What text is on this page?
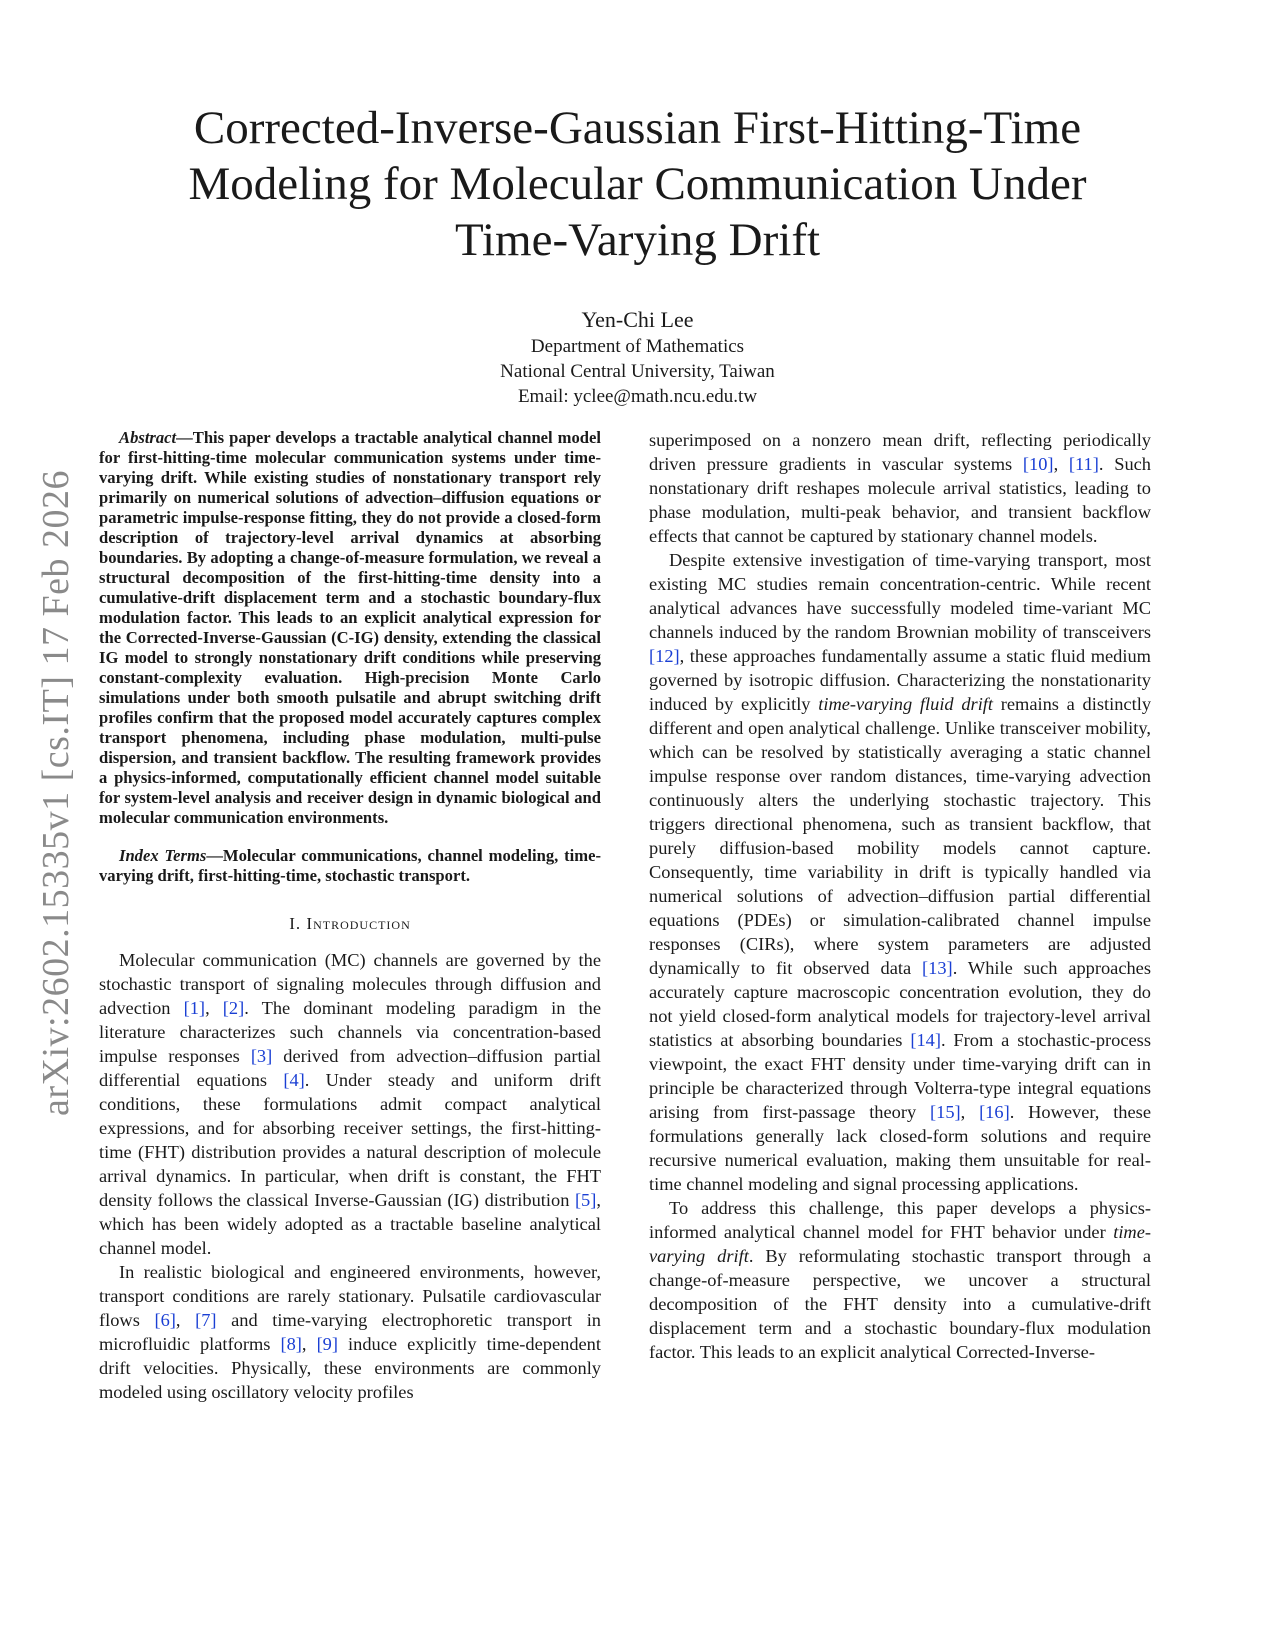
arXiv:2602.15335v1 [cs.IT] 17 Feb 2026
Corrected-Inverse-Gaussian First-Hitting-Time
Modeling for Molecular Communication Under
Time-Varying Drift
Yen-Chi Lee
Department of Mathematics
National Central University, Taiwan
Email: yclee@math.ncu.edu.tw

Abstract—This paper develops a tractable analytical channel model for first-hitting-time molecular communication systems under time-varying drift. While existing studies of nonstationary transport rely primarily on numerical solutions of advection–diffusion equations or parametric impulse-response fitting, they do not provide a closed-form description of trajectory-level arrival dynamics at absorbing boundaries. By adopting a change-of-measure formulation, we reveal a structural decomposition of the first-hitting-time density into a cumulative-drift displacement term and a stochastic boundary-flux modulation factor. This leads to an explicit analytical expression for the Corrected-Inverse-Gaussian (C-IG) density, extending the classical IG model to strongly nonstationary drift conditions while preserving constant-complexity evaluation. High-precision Monte Carlo simulations under both smooth pulsatile and abrupt switching drift profiles confirm that the proposed model accurately captures complex transport phenomena, including phase modulation, multi-pulse dispersion, and transient backflow. The resulting framework provides a physics-informed, computationally efficient channel model suitable for system-level analysis and receiver design in dynamic biological and molecular communication environments.

Index Terms—Molecular communications, channel modeling, time-varying drift, first-hitting-time, stochastic transport.

I. Introduction

Molecular communication (MC) channels are governed by the stochastic transport of signaling molecules through diffusion and advection [1], [2]. The dominant modeling paradigm in the literature characterizes such channels via concentration-based impulse responses [3] derived from advection–diffusion partial differential equations [4]. Under steady and uniform drift conditions, these formulations admit compact analytical expressions, and for absorbing receiver settings, the first-hitting-time (FHT) distribution provides a natural description of molecule arrival dynamics. In particular, when drift is constant, the FHT density follows the classical Inverse-Gaussian (IG) distribution [5], which has been widely adopted as a tractable baseline analytical channel model.

In realistic biological and engineered environments, however, transport conditions are rarely stationary. Pulsatile cardiovascular flows [6], [7] and time-varying electrophoretic transport in microfluidic platforms [8], [9] induce explicitly time-dependent drift velocities. Physically, these environments are commonly modeled using oscillatory velocity profiles

superimposed on a nonzero mean drift, reflecting periodically driven pressure gradients in vascular systems [10], [11]. Such nonstationary drift reshapes molecule arrival statistics, leading to phase modulation, multi-peak behavior, and transient backflow effects that cannot be captured by stationary channel models.

Despite extensive investigation of time-varying transport, most existing MC studies remain concentration-centric. While recent analytical advances have successfully modeled time-variant MC channels induced by the random Brownian mobility of transceivers [12], these approaches fundamentally assume a static fluid medium governed by isotropic diffusion. Characterizing the nonstationarity induced by explicitly time-varying fluid drift remains a distinctly different and open analytical challenge. Unlike transceiver mobility, which can be resolved by statistically averaging a static channel impulse response over random distances, time-varying advection continuously alters the underlying stochastic trajectory. This triggers directional phenomena, such as transient backflow, that purely diffusion-based mobility models cannot capture. Consequently, time variability in drift is typically handled via numerical solutions of advection–diffusion partial differential equations (PDEs) or simulation-calibrated channel impulse responses (CIRs), where system parameters are adjusted dynamically to fit observed data [13]. While such approaches accurately capture macroscopic concentration evolution, they do not yield closed-form analytical models for trajectory-level arrival statistics at absorbing boundaries [14]. From a stochastic-process viewpoint, the exact FHT density under time-varying drift can in principle be characterized through Volterra-type integral equations arising from first-passage theory [15], [16]. However, these formulations generally lack closed-form solutions and require recursive numerical evaluation, making them unsuitable for real-time channel modeling and signal processing applications.

To address this challenge, this paper develops a physics-informed analytical channel model for FHT behavior under time-varying drift. By reformulating stochastic transport through a change-of-measure perspective, we uncover a structural decomposition of the FHT density into a cumulative-drift displacement term and a stochastic boundary-flux modulation factor. This leads to an explicit analytical Corrected-Inverse-
